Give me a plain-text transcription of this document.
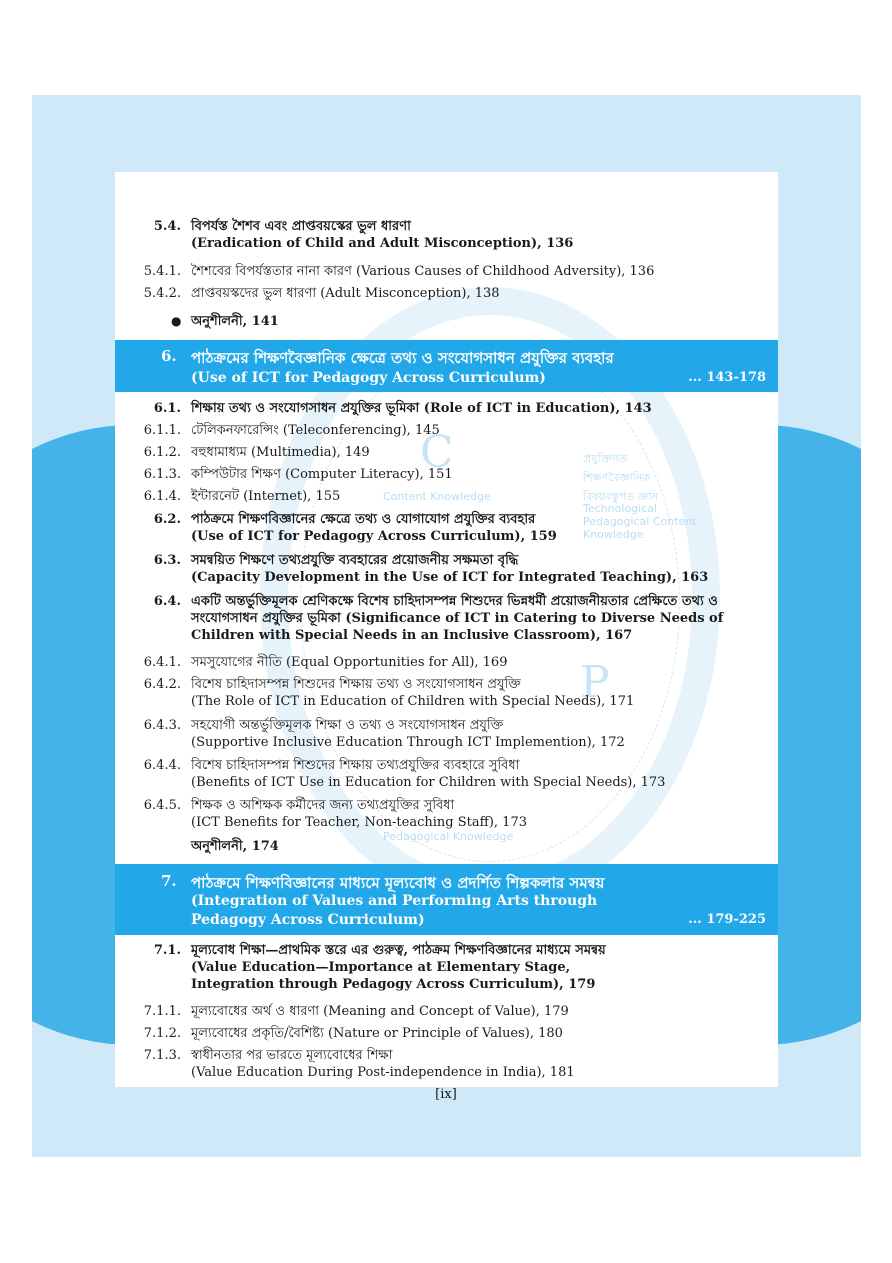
C
P
প্রযুক্তিগত শিক্ষণবৈজ্ঞানিক বিষয়বস্তুগত জ্ঞান
Technological Pedagogical Content Knowledge
Content Knowledge
Pedagogical Knowledge
5.4. বিপর্যস্ত শৈশব এবং প্রাপ্তবয়স্কের ভুল ধারণা
(Eradication of Child and Adult Misconception), 136
5.4.1. শৈশবের বিপর্যস্ততার নানা কারণ (Various Causes of Childhood Adversity), 136
5.4.2. প্রাপ্তবয়স্কদের ভুল ধারণা (Adult Misconception), 138
● অনুশীলনী, 141
6. পাঠক্রমের শিক্ষণবৈজ্ঞানিক ক্ষেত্রে তথ্য ও সংযোগসাধন প্রযুক্তির ব্যবহার
(Use of ICT for Pedagogy Across Curriculum)	... 143-178
6.1. শিক্ষায় তথ্য ও সংযোগসাধন প্রযুক্তির ভূমিকা (Role of ICT in Education), 143
6.1.1. টেলিকনফারেন্সিং (Teleconferencing), 145
6.1.2. বহুধামাধ্যম (Multimedia), 149
6.1.3. কম্পিউটার শিক্ষণ (Computer Literacy), 151
6.1.4. ইন্টারনেট (Internet), 155
6.2. পাঠক্রমে শিক্ষণবিজ্ঞানের ক্ষেত্রে তথ্য ও যোগাযোগ প্রযুক্তির ব্যবহার
(Use of ICT for Pedagogy Across Curriculum), 159
6.3. সমন্বয়িত শিক্ষণে তথ্যপ্রযুক্তি ব্যবহারের প্রয়োজনীয় সক্ষমতা বৃদ্ধি
(Capacity Development in the Use of ICT for Integrated Teaching), 163
6.4. একটি অন্তর্ভুক্তিমূলক শ্রেণিকক্ষে বিশেষ চাহিদাসম্পন্ন শিশুদের ভিন্নধর্মী প্রয়োজনীয়তার প্রেক্ষিতে তথ্য ও
সংযোগসাধন প্রযুক্তির ভূমিকা (Significance of ICT in Catering to Diverse Needs of
Children with Special Needs in an Inclusive Classroom), 167
6.4.1. সমসুযোগের নীতি (Equal Opportunities for All), 169
6.4.2. বিশেষ চাহিদাসম্পন্ন শিশুদের শিক্ষায় তথ্য ও সংযোগসাধন প্রযুক্তি
(The Role of ICT in Education of Children with Special Needs), 171
6.4.3. সহযোগী অন্তর্ভুক্তিমূলক শিক্ষা ও তথ্য ও সংযোগসাধন প্রযুক্তি
(Supportive Inclusive Education Through ICT Implemention), 172
6.4.4. বিশেষ চাহিদাসম্পন্ন শিশুদের শিক্ষায় তথ্যপ্রযুক্তির ব্যবহারে সুবিধা
(Benefits of ICT Use in Education for Children with Special Needs), 173
6.4.5. শিক্ষক ও অশিক্ষক কর্মীদের জন্য তথ্যপ্রযুক্তির সুবিধা
(ICT Benefits for Teacher, Non-teaching Staff), 173
অনুশীলনী, 174
7. পাঠক্রমে শিক্ষণবিজ্ঞানের মাধ্যমে মূল্যবোধ ও প্রদর্শিত শিল্পকলার সমন্বয়
(Integration of Values and Performing Arts through
Pedagogy Across Curriculum)	... 179-225
7.1. মূল্যবোধ শিক্ষা—প্রাথমিক স্তরে এর গুরুত্ব, পাঠক্রম শিক্ষণবিজ্ঞানের মাধ্যমে সমন্বয়
(Value Education—Importance at Elementary Stage,
Integration through Pedagogy Across Curriculum), 179
7.1.1. মূল্যবোধের অর্থ ও ধারণা (Meaning and Concept of Value), 179
7.1.2. মূল্যবোধের প্রকৃতি/বৈশিষ্ট্য (Nature or Principle of Values), 180
7.1.3. স্বাধীনতার পর ভারতে মূল্যবোধের শিক্ষা
(Value Education During Post-independence in India), 181
[ix]
